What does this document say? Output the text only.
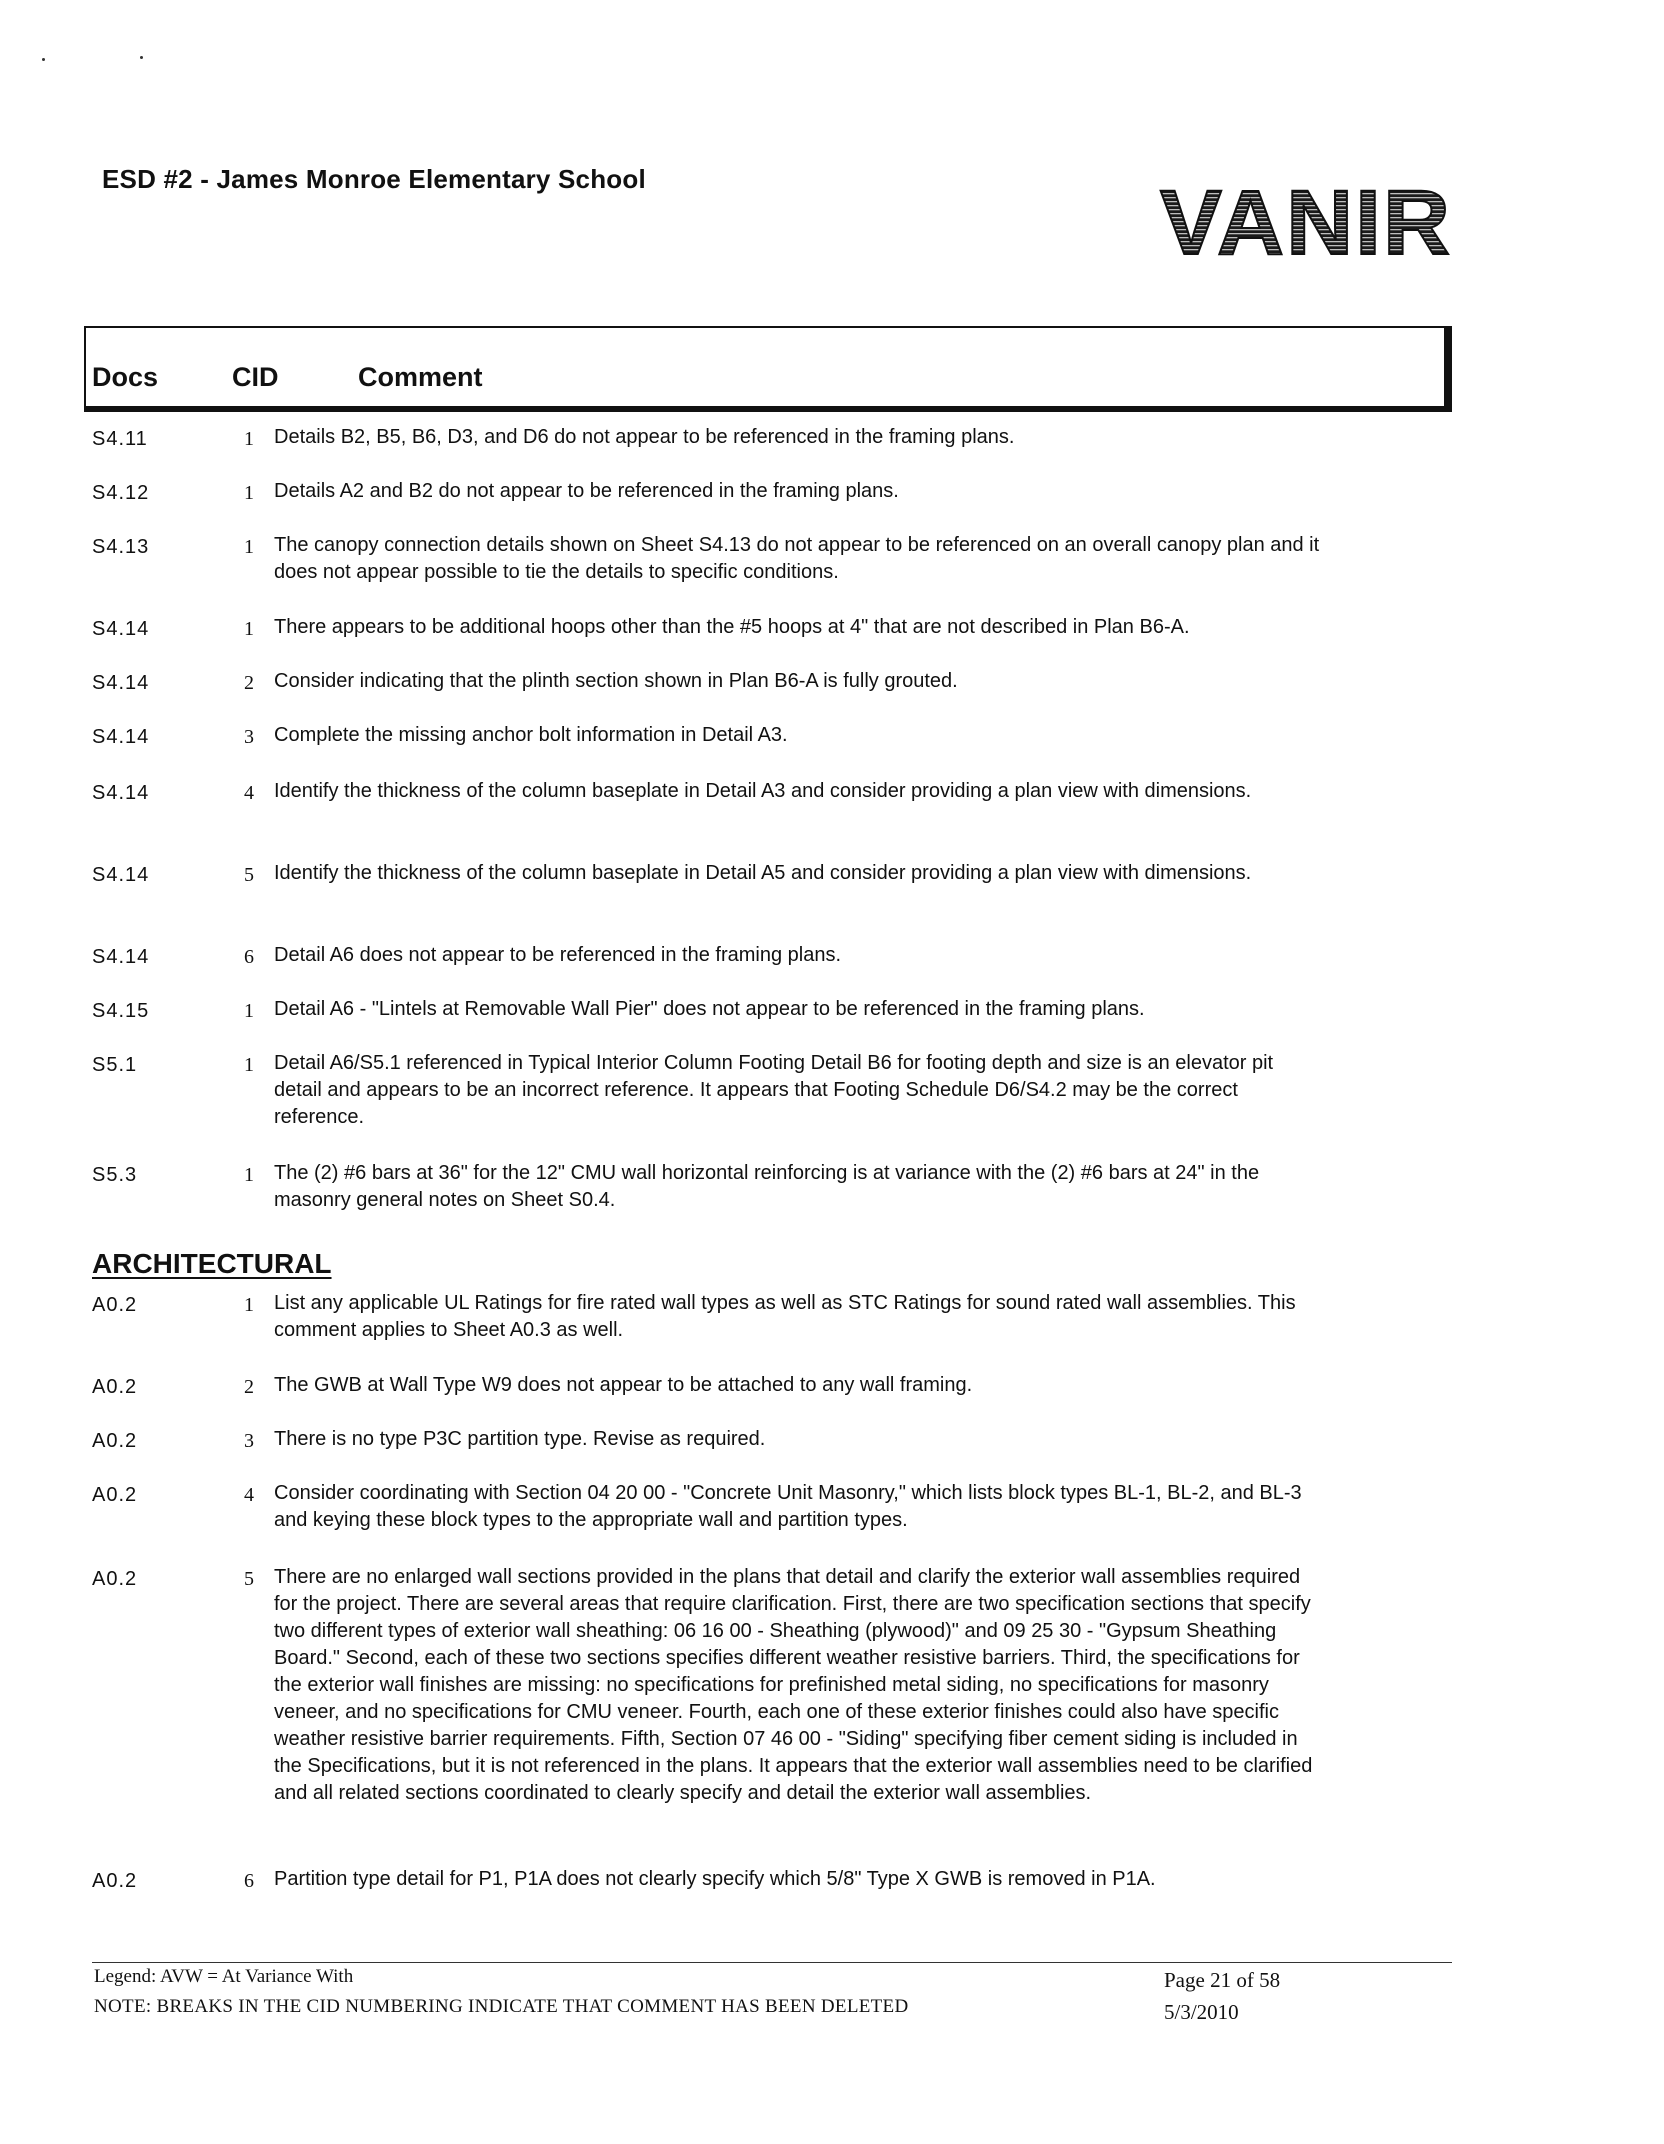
ESD #2 - James Monroe Elementary School	VANIR
Docs	CID	Comment
S4.11	1 Details B2, B5, B6, D3, and D6 do not appear to be referenced in the framing plans.
S4.12	1 Details A2 and B2 do not appear to be referenced in the framing plans.
S4.13	1 The canopy connection details shown on Sheet S4.13 do not appear to be referenced on an overall canopy plan and it does not appear possible to tie the details to specific conditions.
S4.14	1 There appears to be additional hoops other than the #5 hoops at 4" that are not described in Plan B6-A.
S4.14	2 Consider indicating that the plinth section shown in Plan B6-A is fully grouted.
S4.14	3 Complete the missing anchor bolt information in Detail A3.
S4.14	4 Identify the thickness of the column baseplate in Detail A3 and consider providing a plan view with dimensions.
S4.14	5 Identify the thickness of the column baseplate in Detail A5 and consider providing a plan view with dimensions.
S4.14	6 Detail A6 does not appear to be referenced in the framing plans.
S4.15	1 Detail A6 - "Lintels at Removable Wall Pier" does not appear to be referenced in the framing plans.
S5.1	1 Detail A6/S5.1 referenced in Typical Interior Column Footing Detail B6 for footing depth and size is an elevator pit detail and appears to be an incorrect reference. It appears that Footing Schedule D6/S4.2 may be the correct reference.
S5.3	1 The (2) #6 bars at 36" for the 12" CMU wall horizontal reinforcing is at variance with the (2) #6 bars at 24" in the masonry general notes on Sheet S0.4.
ARCHITECTURAL
A0.2	1 List any applicable UL Ratings for fire rated wall types as well as STC Ratings for sound rated wall assemblies. This comment applies to Sheet A0.3 as well.
A0.2	2 The GWB at Wall Type W9 does not appear to be attached to any wall framing.
A0.2	3 There is no type P3C partition type. Revise as required.
A0.2	4 Consider coordinating with Section 04 20 00 - "Concrete Unit Masonry," which lists block types BL-1, BL-2, and BL-3 and keying these block types to the appropriate wall and partition types.
A0.2	5 There are no enlarged wall sections provided in the plans that detail and clarify the exterior wall assemblies required for the project. There are several areas that require clarification. First, there are two specification sections that specify two different types of exterior wall sheathing: 06 16 00 - Sheathing (plywood)" and 09 25 30 - "Gypsum Sheathing Board." Second, each of these two sections specifies different weather resistive barriers. Third, the specifications for the exterior wall finishes are missing: no specifications for prefinished metal siding, no specifications for masonry veneer, and no specifications for CMU veneer. Fourth, each one of these exterior finishes could also have specific weather resistive barrier requirements. Fifth, Section 07 46 00 - "Siding" specifying fiber cement siding is included in the Specifications, but it is not referenced in the plans. It appears that the exterior wall assemblies need to be clarified and all related sections coordinated to clearly specify and detail the exterior wall assemblies.
A0.2	6 Partition type detail for P1, P1A does not clearly specify which 5/8" Type X GWB is removed in P1A.
Legend: AVW = At Variance With
NOTE: BREAKS IN THE CID NUMBERING INDICATE THAT COMMENT HAS BEEN DELETED
Page 21 of 58
5/3/2010
